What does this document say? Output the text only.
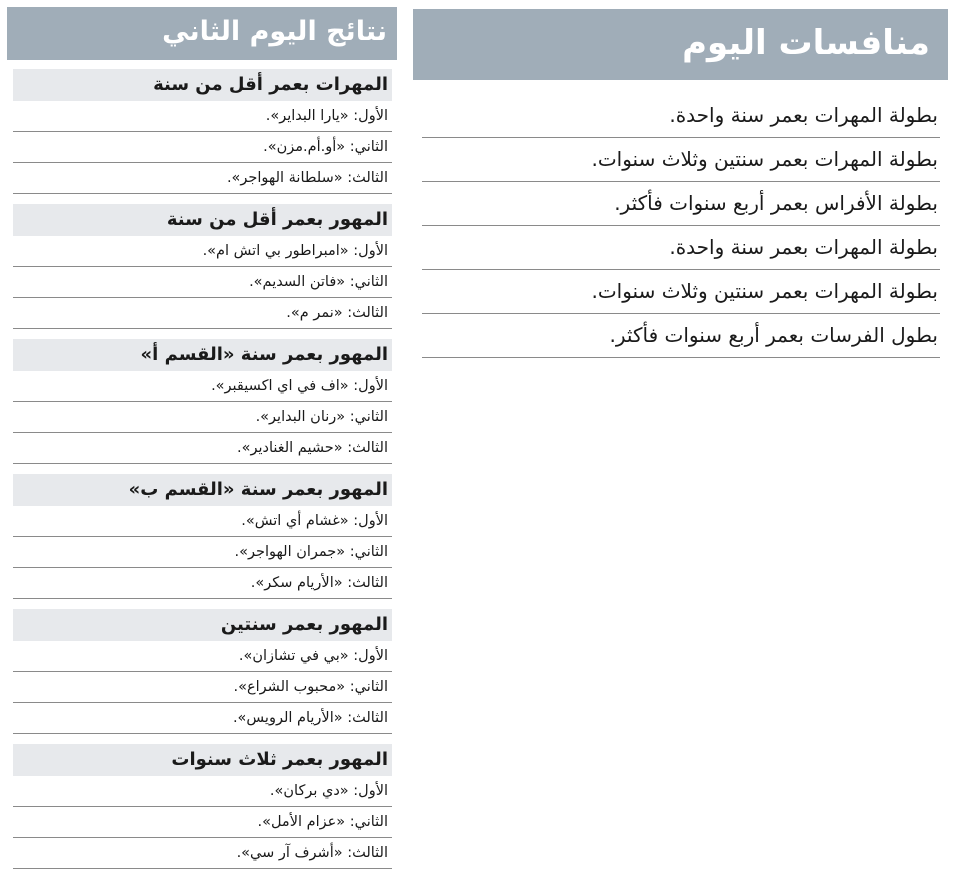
نتائج اليوم الثاني
المهرات بعمر أقل من سنة
الأول: «يارا البداير».
الثاني: «أو.أم.مزن».
الثالث: «سلطانة الهواجر».
المهور بعمر أقل من سنة
الأول: «امبراطور بي اتش ام».
الثاني: «فاتن السديم».
الثالث: «نمر م».
المهور بعمر سنة «القسم أ»
الأول: «اف في اي اكسيقبر».
الثاني: «رنان البداير».
الثالث: «حشيم الغنادير».
المهور بعمر سنة «القسم ب»
الأول: «غشام أي اتش».
الثاني: «جمران الهواجر».
الثالث: «الأريام سكر».
المهور بعمر سنتين
الأول: «بي في تشازان».
الثاني: «محبوب الشراع».
الثالث: «الأريام الرويس».
المهور بعمر ثلاث سنوات
الأول: «دي بركان».
الثاني: «عزام الأمل».
الثالث: «أشرف آر سي».
منافسات اليوم
بطولة المهرات بعمر سنة واحدة.
بطولة المهرات بعمر سنتين وثلاث سنوات.
بطولة الأفراس بعمر أربع سنوات فأكثر.
بطولة المهرات بعمر سنة واحدة.
بطولة المهرات بعمر سنتين وثلاث سنوات.
بطول الفرسات بعمر أربع سنوات فأكثر.
